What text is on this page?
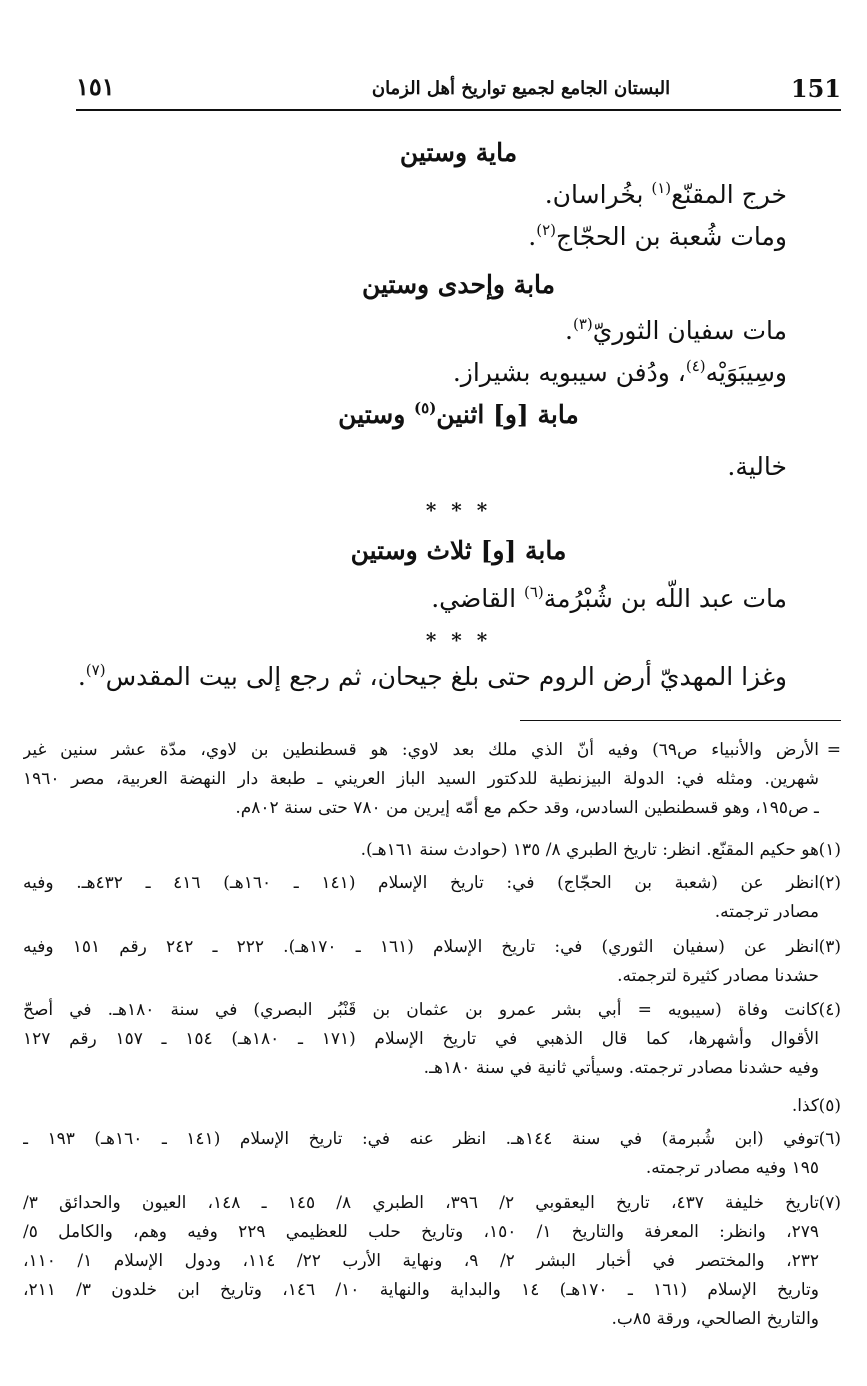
151
البستان الجامع لجميع تواريخ أهل الزمان
١٥١
ماية وستين
خرج المقنّع$^{(١)}$ بخُراسان.
ومات شُعبة بن الحجّاج$^{(٢)}$.
مابة وإحدى وستين
مات سفيان الثوريّ$^{(٣)}$.
وسِيبَوَيْه$^{(٤)}$، ودُفن سيبويه بشيراز.
مابة [و] اثنين$^{(٥)}$ وستين
خالية.
* * *
مابة [و] ثلاث وستين
مات عبد اللّه بن شُبْرُمة$^{(٦)}$ القاضي.
* * *
وغزا المهديّ أرض الروم حتى بلغ جيحان، ثم رجع إلى بيت المقدس$^{(٧)}$.
=
الأرض والأنبياء ص٦٩) وفيه أنّ الذي ملك بعد لاوي: هو قسطنطين بن لاوي، مدّة عشر سنين غير
شهرين. ومثله في: الدولة البيزنطية للدكتور السيد الباز العريني ـ طبعة دار النهضة العربية، مصر ١٩٦٠
ـ ص١٩٥، وهو قسطنطين السادس، وقد حكم مع أمّه إيرين من ٧٨٠ حتى سنة ٨٠٢م.
(١)
هو حكيم المقنّع. انظر: تاريخ الطبري ٨/ ١٣٥ (حوادث سنة ١٦١هـ).
(٢)
انظر عن (شعبة بن الحجّاج) في: تاريخ الإسلام (١٤١ ـ ١٦٠هـ) ٤١٦ ـ ٤٣٢هـ. وفيه
مصادر ترجمته.
(٣)
انظر عن (سفيان الثوري) في: تاريخ الإسلام (١٦١ ـ ١٧٠هـ). ٢٢٢ ـ ٢٤٢ رقم ١٥١ وفيه
حشدنا مصادر كثيرة لترجمته.
(٤)
كانت وفاة (سيبويه = أبي بشر عمرو بن عثمان بن قَنْبُر البصري) في سنة ١٨٠هـ. في أصحّ
الأقوال وأشهرها، كما قال الذهبي في تاريخ الإسلام (١٧١ ـ ١٨٠هـ) ١٥٤ ـ ١٥٧ رقم ١٢٧
وفيه حشدنا مصادر ترجمته. وسيأتي ثانية في سنة ١٨٠هـ.
(٥)
كذا.
(٦)
توفي (ابن شُبرمة) في سنة ١٤٤هـ. انظر عنه في: تاريخ الإسلام (١٤١ ـ ١٦٠هـ) ١٩٣ ـ
١٩٥ وفيه مصادر ترجمته.
(٧)
تاريخ خليفة ٤٣٧، تاريخ اليعقوبي ٢/ ٣٩٦، الطبري ٨/ ١٤٥ ـ ١٤٨، العيون والحدائق ٣/
٢٧٩، وانظر: المعرفة والتاريخ ١/ ١٥٠، وتاريخ حلب للعظيمي ٢٢٩ وفيه وهم، والكامل ٥/
٢٣٢، والمختصر في أخبار البشر ٢/ ٩، ونهاية الأرب ٢٢/ ١١٤، ودول الإسلام ١/ ١١٠،
وتاريخ الإسلام (١٦١ ـ ١٧٠هـ) ١٤ والبداية والنهاية ١٠/ ١٤٦، وتاريخ ابن خلدون ٣/ ٢١١،
والتاريخ الصالحي، ورقة ٨٥ب.
